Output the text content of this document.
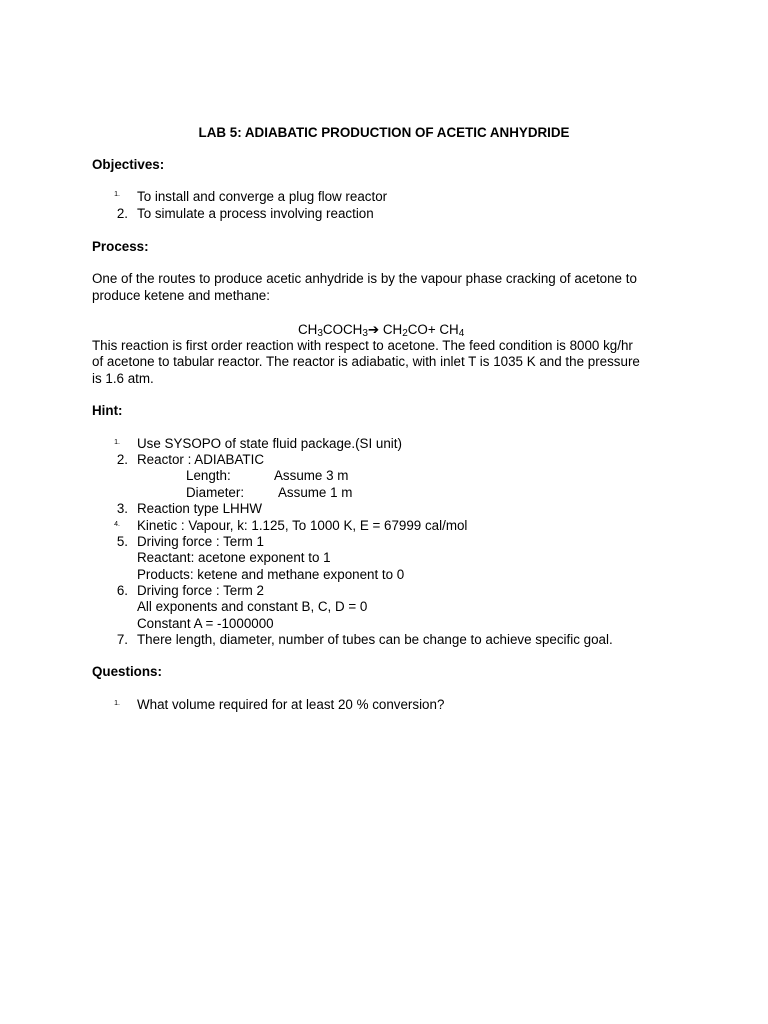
LAB 5: ADIABATIC PRODUCTION OF ACETIC ANHYDRIDE
Objectives:
1. To install and converge a plug flow reactor
2. To simulate a process involving reaction
Process:
One of the routes to produce acetic anhydride is by the vapour phase cracking of acetone to
produce ketene and methane:
$CH_3COCH_3➔$ $CH_2CO+ CH_4$
This reaction is first order reaction with respect to acetone. The feed condition is 8000 kg/hr
of acetone to tabular reactor. The reactor is adiabatic, with inlet T is 1035 K and the pressure
is 1.6 atm.
Hint:
1. Use SYSOPO of state fluid package.(SI unit)
2. Reactor : ADIABATIC
Length:	Assume 3 m
Diameter:	Assume 1 m
3. Reaction type LHHW
4. Kinetic : Vapour, k: 1.125, To 1000 K, E = 67999 cal/mol
5. Driving force : Term 1
Reactant: acetone exponent to 1
Products: ketene and methane exponent to 0
6. Driving force : Term 2
All exponents and constant B, C, D = 0
Constant A = -1000000
7. There length, diameter, number of tubes can be change to achieve specific goal.
Questions:
1. What volume required for at least 20 % conversion?
